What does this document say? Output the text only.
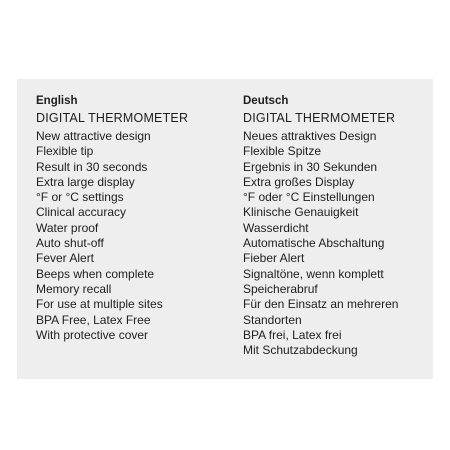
English
DIGITAL THERMOMETER
New attractive design
Flexible tip
Result in 30 seconds
Extra large display
°F or °C settings
Clinical accuracy
Water proof
Auto shut-off
Fever Alert
Beeps when complete
Memory recall
For use at multiple sites
BPA Free, Latex Free
With protective cover
Deutsch
DIGITAL THERMOMETER
Neues attraktives Design
Flexible Spitze
Ergebnis in 30 Sekunden
Extra großes Display
°F oder °C Einstellungen
Klinische Genauigkeit
Wasserdicht
Automatische Abschaltung
Fieber Alert
Signaltöne, wenn komplett
Speicherabruf
Für den Einsatz an mehreren
Standorten
BPA frei, Latex frei
Mit Schutzabdeckung
